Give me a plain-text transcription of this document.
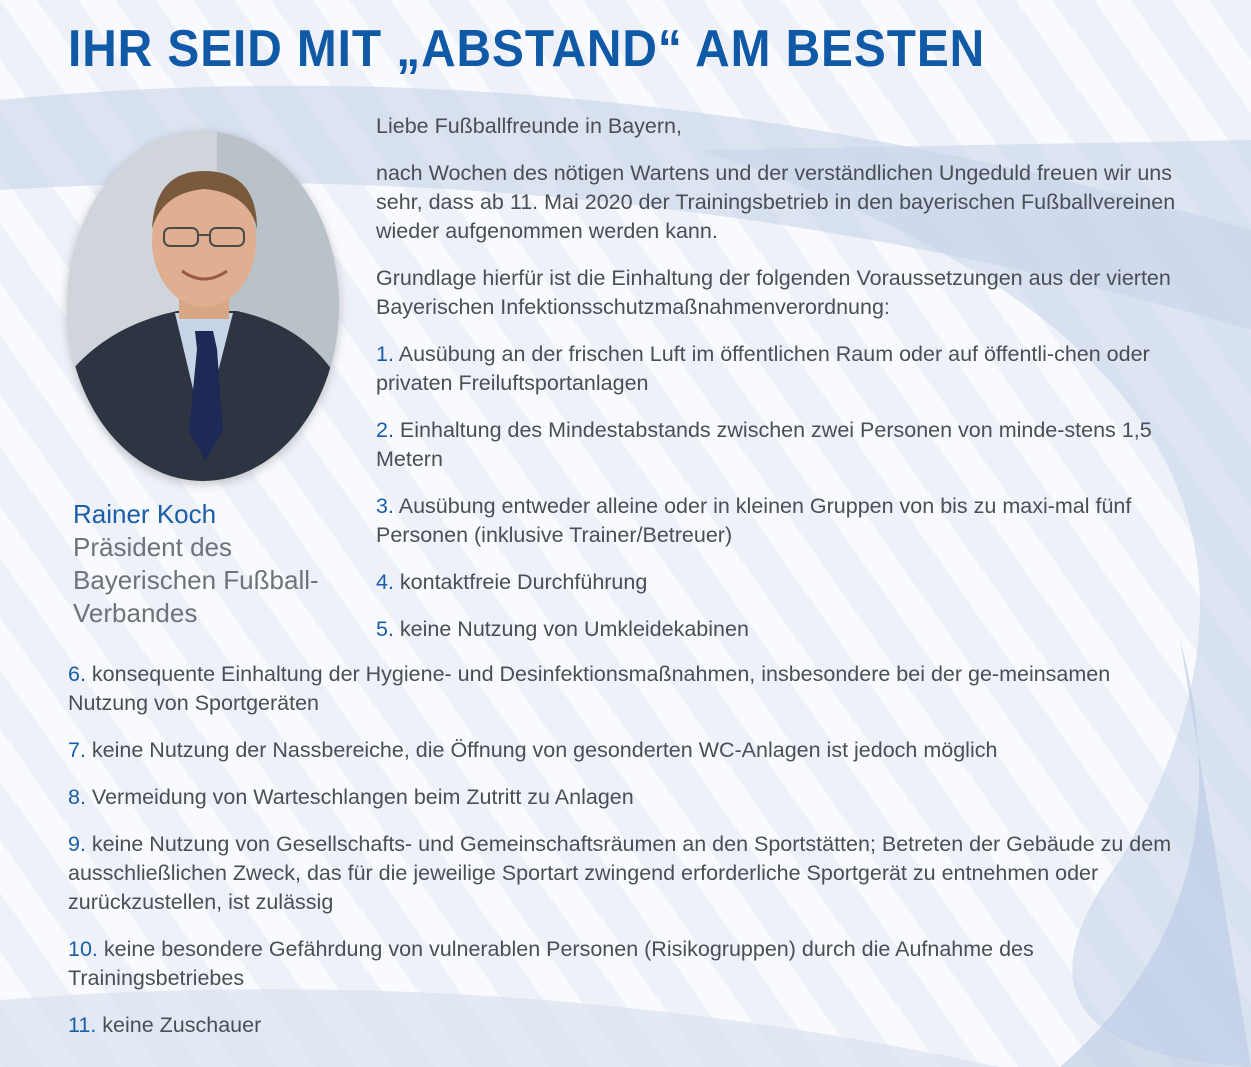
IHR SEID MIT „ABSTAND“ AM BESTEN
Rainer Koch
Präsident des
Bayerischen Fußball-
Verbandes

Liebe Fußballfreunde in Bayern,

nach Wochen des nötigen Wartens und der verständlichen Ungeduld freuen wir uns sehr, dass ab 11. Mai 2020 der Trainingsbetrieb in den bayerischen Fußballvereinen wieder aufgenommen werden kann.

Grundlage hierfür ist die Einhaltung der folgenden Voraussetzungen aus der vierten Bayerischen Infektionsschutzmaßnahmenverordnung:

1. Ausübung an der frischen Luft im öffentlichen Raum oder auf öffentli-chen oder privaten Freiluftsportanlagen

2. Einhaltung des Mindestabstands zwischen zwei Personen von minde-stens 1,5 Metern

3. Ausübung entweder alleine oder in kleinen Gruppen von bis zu maxi-mal fünf Personen (inklusive Trainer/Betreuer)

4. kontaktfreie Durchführung

5. keine Nutzung von Umkleidekabinen

6. konsequente Einhaltung der Hygiene- und Desinfektionsmaßnahmen, insbesondere bei der ge-meinsamen Nutzung von Sportgeräten

7. keine Nutzung der Nassbereiche, die Öffnung von gesonderten WC-Anlagen ist jedoch möglich

8. Vermeidung von Warteschlangen beim Zutritt zu Anlagen

9. keine Nutzung von Gesellschafts- und Gemeinschaftsräumen an den Sportstätten; Betreten der Gebäude zu dem ausschließlichen Zweck, das für die jeweilige Sportart zwingend erforderliche Sportgerät zu entnehmen oder zurückzustellen, ist zulässig

10. keine besondere Gefährdung von vulnerablen Personen (Risikogruppen) durch die Aufnahme des Trainingsbetriebes

11. keine Zuschauer
